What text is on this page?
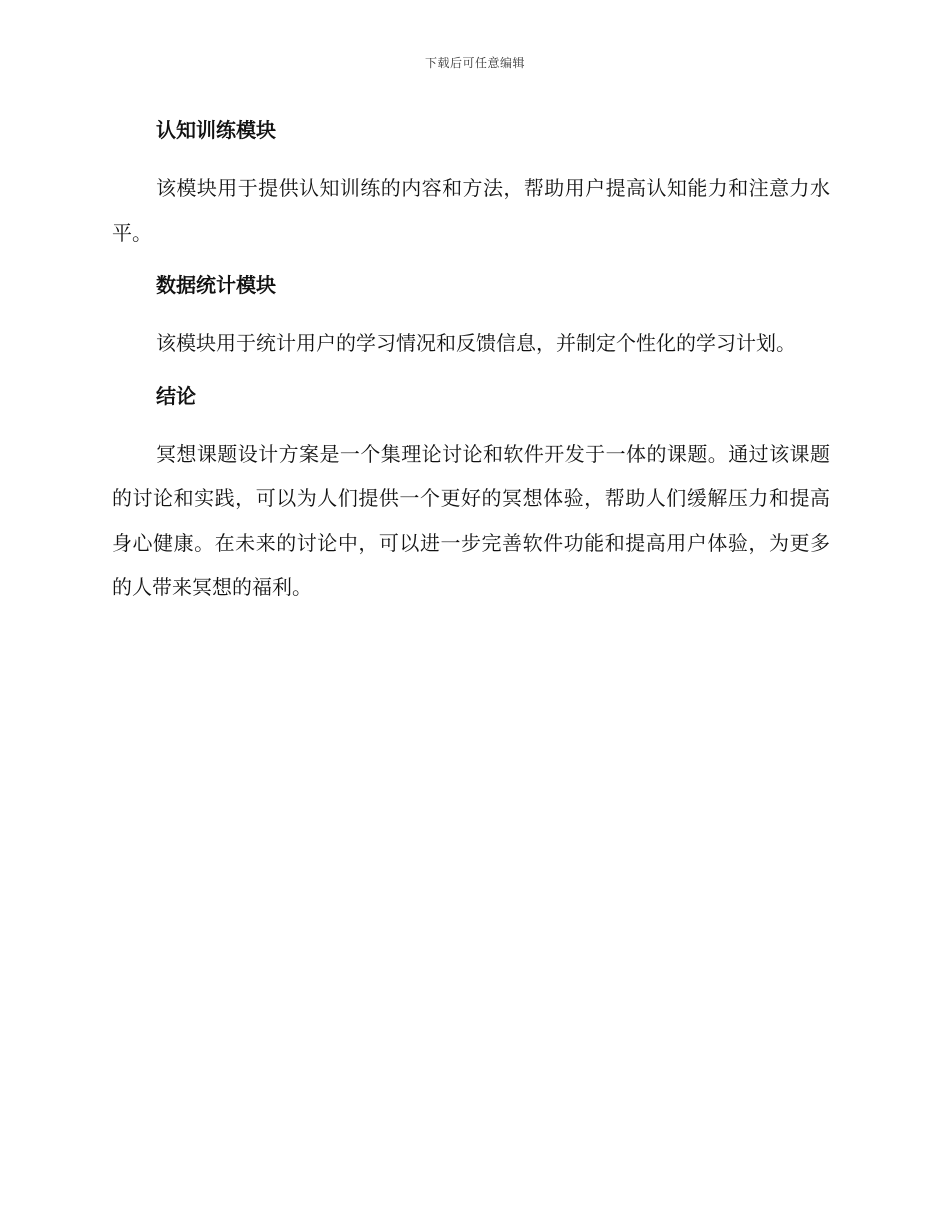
下载后可任意编辑
认知训练模块

该模块用于提供认知训练的内容和方法，帮助用户提高认知能力和注意力水平。

数据统计模块

该模块用于统计用户的学习情况和反馈信息，并制定个性化的学习计划。

结论

冥想课题设计方案是一个集理论讨论和软件开发于一体的课题。通过该课题的讨论和实践，可以为人们提供一个更好的冥想体验，帮助人们缓解压力和提高身心健康。在未来的讨论中，可以进一步完善软件功能和提高用户体验，为更多的人带来冥想的福利。
